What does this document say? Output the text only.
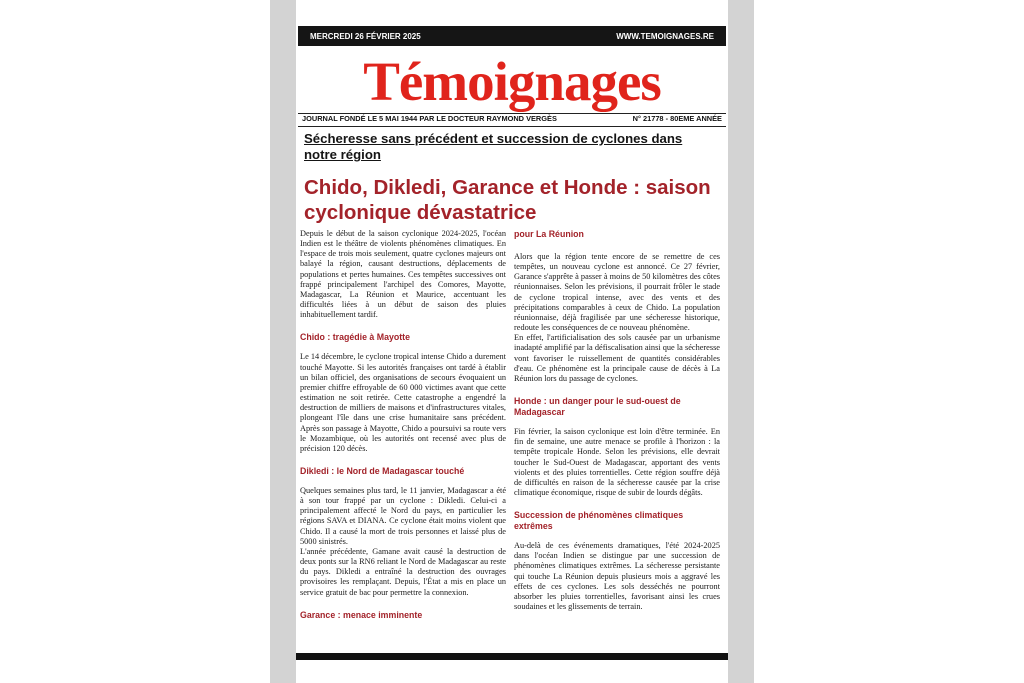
MERCREDI 26 FÉVRIER 2025	WWW.TEMOIGNAGES.RE
Témoignages
JOURNAL FONDÉ LE 5 MAI 1944 PAR LE DOCTEUR RAYMOND VERGÈS	N° 21778 - 80EME ANNÉE
Sécheresse sans précédent et succession de cyclones dans notre région
Chido, Dikledi, Garance et Honde : saison cyclonique dévastatrice

Depuis le début de la saison cyclonique 2024-2025, l'océan Indien est le théâtre de violents phénomènes climatiques. En l'espace de trois mois seulement, quatre cyclones majeurs ont balayé la région, causant destructions, déplacements de populations et pertes humaines. Ces tempêtes successives ont frappé principalement l'archipel des Comores, Mayotte, Madagascar, La Réunion et Maurice, accentuant les difficultés liées à un début de saison des pluies inhabituellement tardif.

Chido : tragédie à Mayotte

Le 14 décembre, le cyclone tropical intense Chido a durement touché Mayotte. Si les autorités françaises ont tardé à établir un bilan officiel, des organisations de secours évoquaient un premier chiffre effroyable de 60 000 victimes avant que cette estimation ne soit retirée. Cette catastrophe a engendré la destruction de milliers de maisons et d'infrastructures vitales, plongeant l'île dans une crise humanitaire sans précédent. Après son passage à Mayotte, Chido a poursuivi sa route vers le Mozambique, où les autorités ont recensé avec plus de précision 120 décès.

Dikledi : le Nord de Madagascar touché

Quelques semaines plus tard, le 11 janvier, Madagascar a été à son tour frappé par un cyclone : Dikledi. Celui-ci a principalement affecté le Nord du pays, en particulier les régions SAVA et DIANA. Ce cyclone était moins violent que Chido. Il a causé la mort de trois personnes et laissé plus de 5000 sinistrés.

L'année précédente, Gamane avait causé la destruction de deux ponts sur la RN6 reliant le Nord de Madagascar au reste du pays. Dikledi a entraîné la destruction des ouvrages provisoires les remplaçant. Depuis, l'État a mis en place un service gratuit de bac pour permettre la connexion.

Garance : menace imminente
pour La Réunion

Alors que la région tente encore de se remettre de ces tempêtes, un nouveau cyclone est annoncé. Ce 27 février, Garance s'apprête à passer à moins de 50 kilomètres des côtes réunionnaises. Selon les prévisions, il pourrait frôler le stade de cyclone tropical intense, avec des vents et des précipitations comparables à ceux de Chido. La population réunionnaise, déjà fragilisée par une sécheresse historique, redoute les conséquences de ce nouveau phénomène.

En effet, l'artificialisation des sols causée par un urbanisme inadapté amplifié par la défiscalisation ainsi que la sécheresse vont favoriser le ruissellement de quantités considérables d'eau. Ce phénomène est la principale cause de décès à La Réunion lors du passage de cyclones.

Honde : un danger pour le sud-ouest de Madagascar

Fin février, la saison cyclonique est loin d'être terminée. En fin de semaine, une autre menace se profile à l'horizon : la tempête tropicale Honde. Selon les prévisions, elle devrait toucher le Sud-Ouest de Madagascar, apportant des vents violents et des pluies torrentielles. Cette région souffre déjà de difficultés en raison de la sécheresse causée par la crise climatique économique, risque de subir de lourds dégâts.

Succession de phénomènes climatiques extrêmes

Au-delà de ces événements dramatiques, l'été 2024-2025 dans l'océan Indien se distingue par une succession de phénomènes climatiques extrêmes. La sécheresse persistante qui touche La Réunion depuis plusieurs mois a aggravé les effets de ces cyclones. Les sols desséchés ne pourront absorber les pluies torrentielles, favorisant ainsi les crues soudaines et les glissements de terrain.
